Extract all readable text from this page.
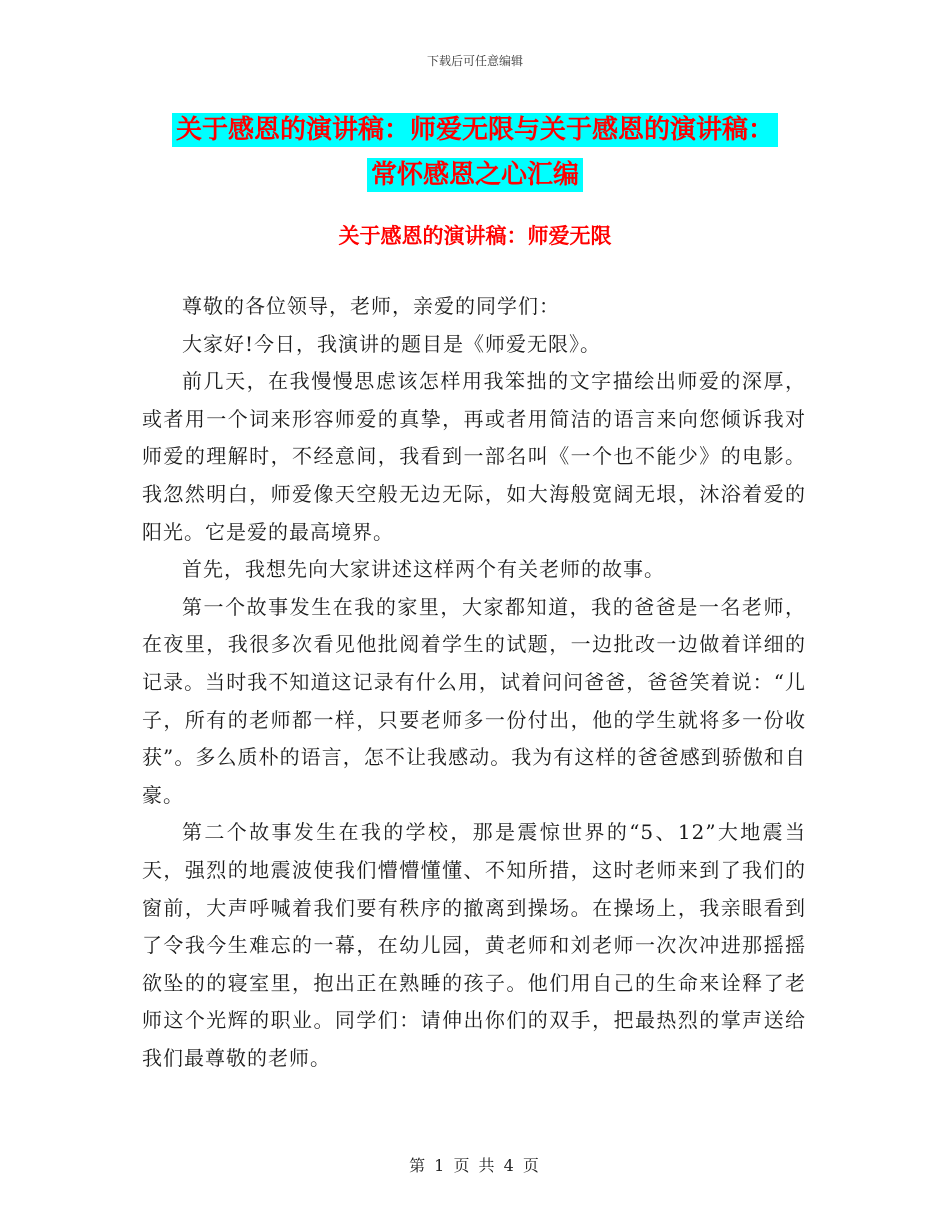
下载后可任意编辑
关于感恩的演讲稿：师爱无限与关于感恩的演讲稿：
常怀感恩之心汇编
关于感恩的演讲稿：师爱无限

尊敬的各位领导，老师，亲爱的同学们：

大家好!今日，我演讲的题目是《师爱无限》。

前几天，在我慢慢思虑该怎样用我笨拙的文字描绘出师爱的深厚，或者用一个词来形容师爱的真挚，再或者用简洁的语言来向您倾诉我对师爱的理解时，不经意间，我看到一部名叫《一个也不能少》的电影。我忽然明白，师爱像天空般无边无际，如大海般宽阔无垠，沐浴着爱的阳光。它是爱的最高境界。

首先，我想先向大家讲述这样两个有关老师的故事。

第一个故事发生在我的家里，大家都知道，我的爸爸是一名老师，在夜里，我很多次看见他批阅着学生的试题，一边批改一边做着详细的记录。当时我不知道这记录有什么用，试着问问爸爸，爸爸笑着说：“儿子，所有的老师都一样，只要老师多一份付出，他的学生就将多一份收获”。多么质朴的语言，怎不让我感动。我为有这样的爸爸感到骄傲和自豪。

第二个故事发生在我的学校，那是震惊世界的“5、12”大地震当天，强烈的地震波使我们懵懵懂懂、不知所措，这时老师来到了我们的窗前，大声呼喊着我们要有秩序的撤离到操场。在操场上，我亲眼看到了令我今生难忘的一幕，在幼儿园，黄老师和刘老师一次次冲进那摇摇欲坠的的寝室里，抱出正在熟睡的孩子。他们用自己的生命来诠释了老师这个光辉的职业。同学们：请伸出你们的双手，把最热烈的掌声送给我们最尊敬的老师。

第 1 页 共 4 页
